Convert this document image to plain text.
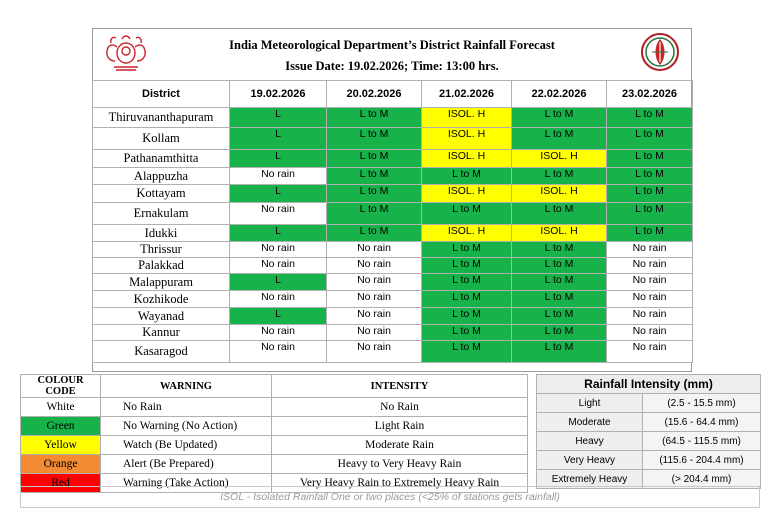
India Meteorological Department’s District Rainfall Forecast
Issue Date: 19.02.2026; Time: 13:00 hrs.
District	19.02.2026	20.02.2026	21.02.2026	22.02.2026	23.02.2026
Thiruvananthapuram	L	L to M	ISOL. H	L to M	L to M
Kollam	L	L to M	ISOL. H	L to M	L to M
Pathanamthitta	L	L to M	ISOL. H	ISOL. H	L to M
Alappuzha	No rain	L to M	L to M	L to M	L to M
Kottayam	L	L to M	ISOL. H	ISOL. H	L to M
Ernakulam	No rain	L to M	L to M	L to M	L to M
Idukki	L	L to M	ISOL. H	ISOL. H	L to M
Thrissur	No rain	No rain	L to M	L to M	No rain
Palakkad	No rain	No rain	L to M	L to M	No rain
Malappuram	L	No rain	L to M	L to M	No rain
Kozhikode	No rain	No rain	L to M	L to M	No rain
Wayanad	L	No rain	L to M	L to M	No rain
Kannur	No rain	No rain	L to M	L to M	No rain
Kasaragod	No rain	No rain	L to M	L to M	No rain
COLOUR CODE	WARNING	INTENSITY
White	No Rain	No Rain
Green	No Warning (No Action)	Light Rain
Yellow	Watch (Be Updated)	Moderate Rain
Orange	Alert (Be Prepared)	Heavy to Very Heavy Rain
Red	Warning (Take Action)	Very Heavy Rain to Extremely Heavy Rain
Rainfall Intensity (mm)	
Light	(2.5 - 15.5 mm)
Moderate	(15.6 - 64.4 mm)
Heavy	(64.5 - 115.5 mm)
Very Heavy	(115.6 - 204.4 mm)
Extremely Heavy	(> 204.4 mm)
ISOL - Isolated Rainfall One or two places (<25% of stations gets rainfall)
